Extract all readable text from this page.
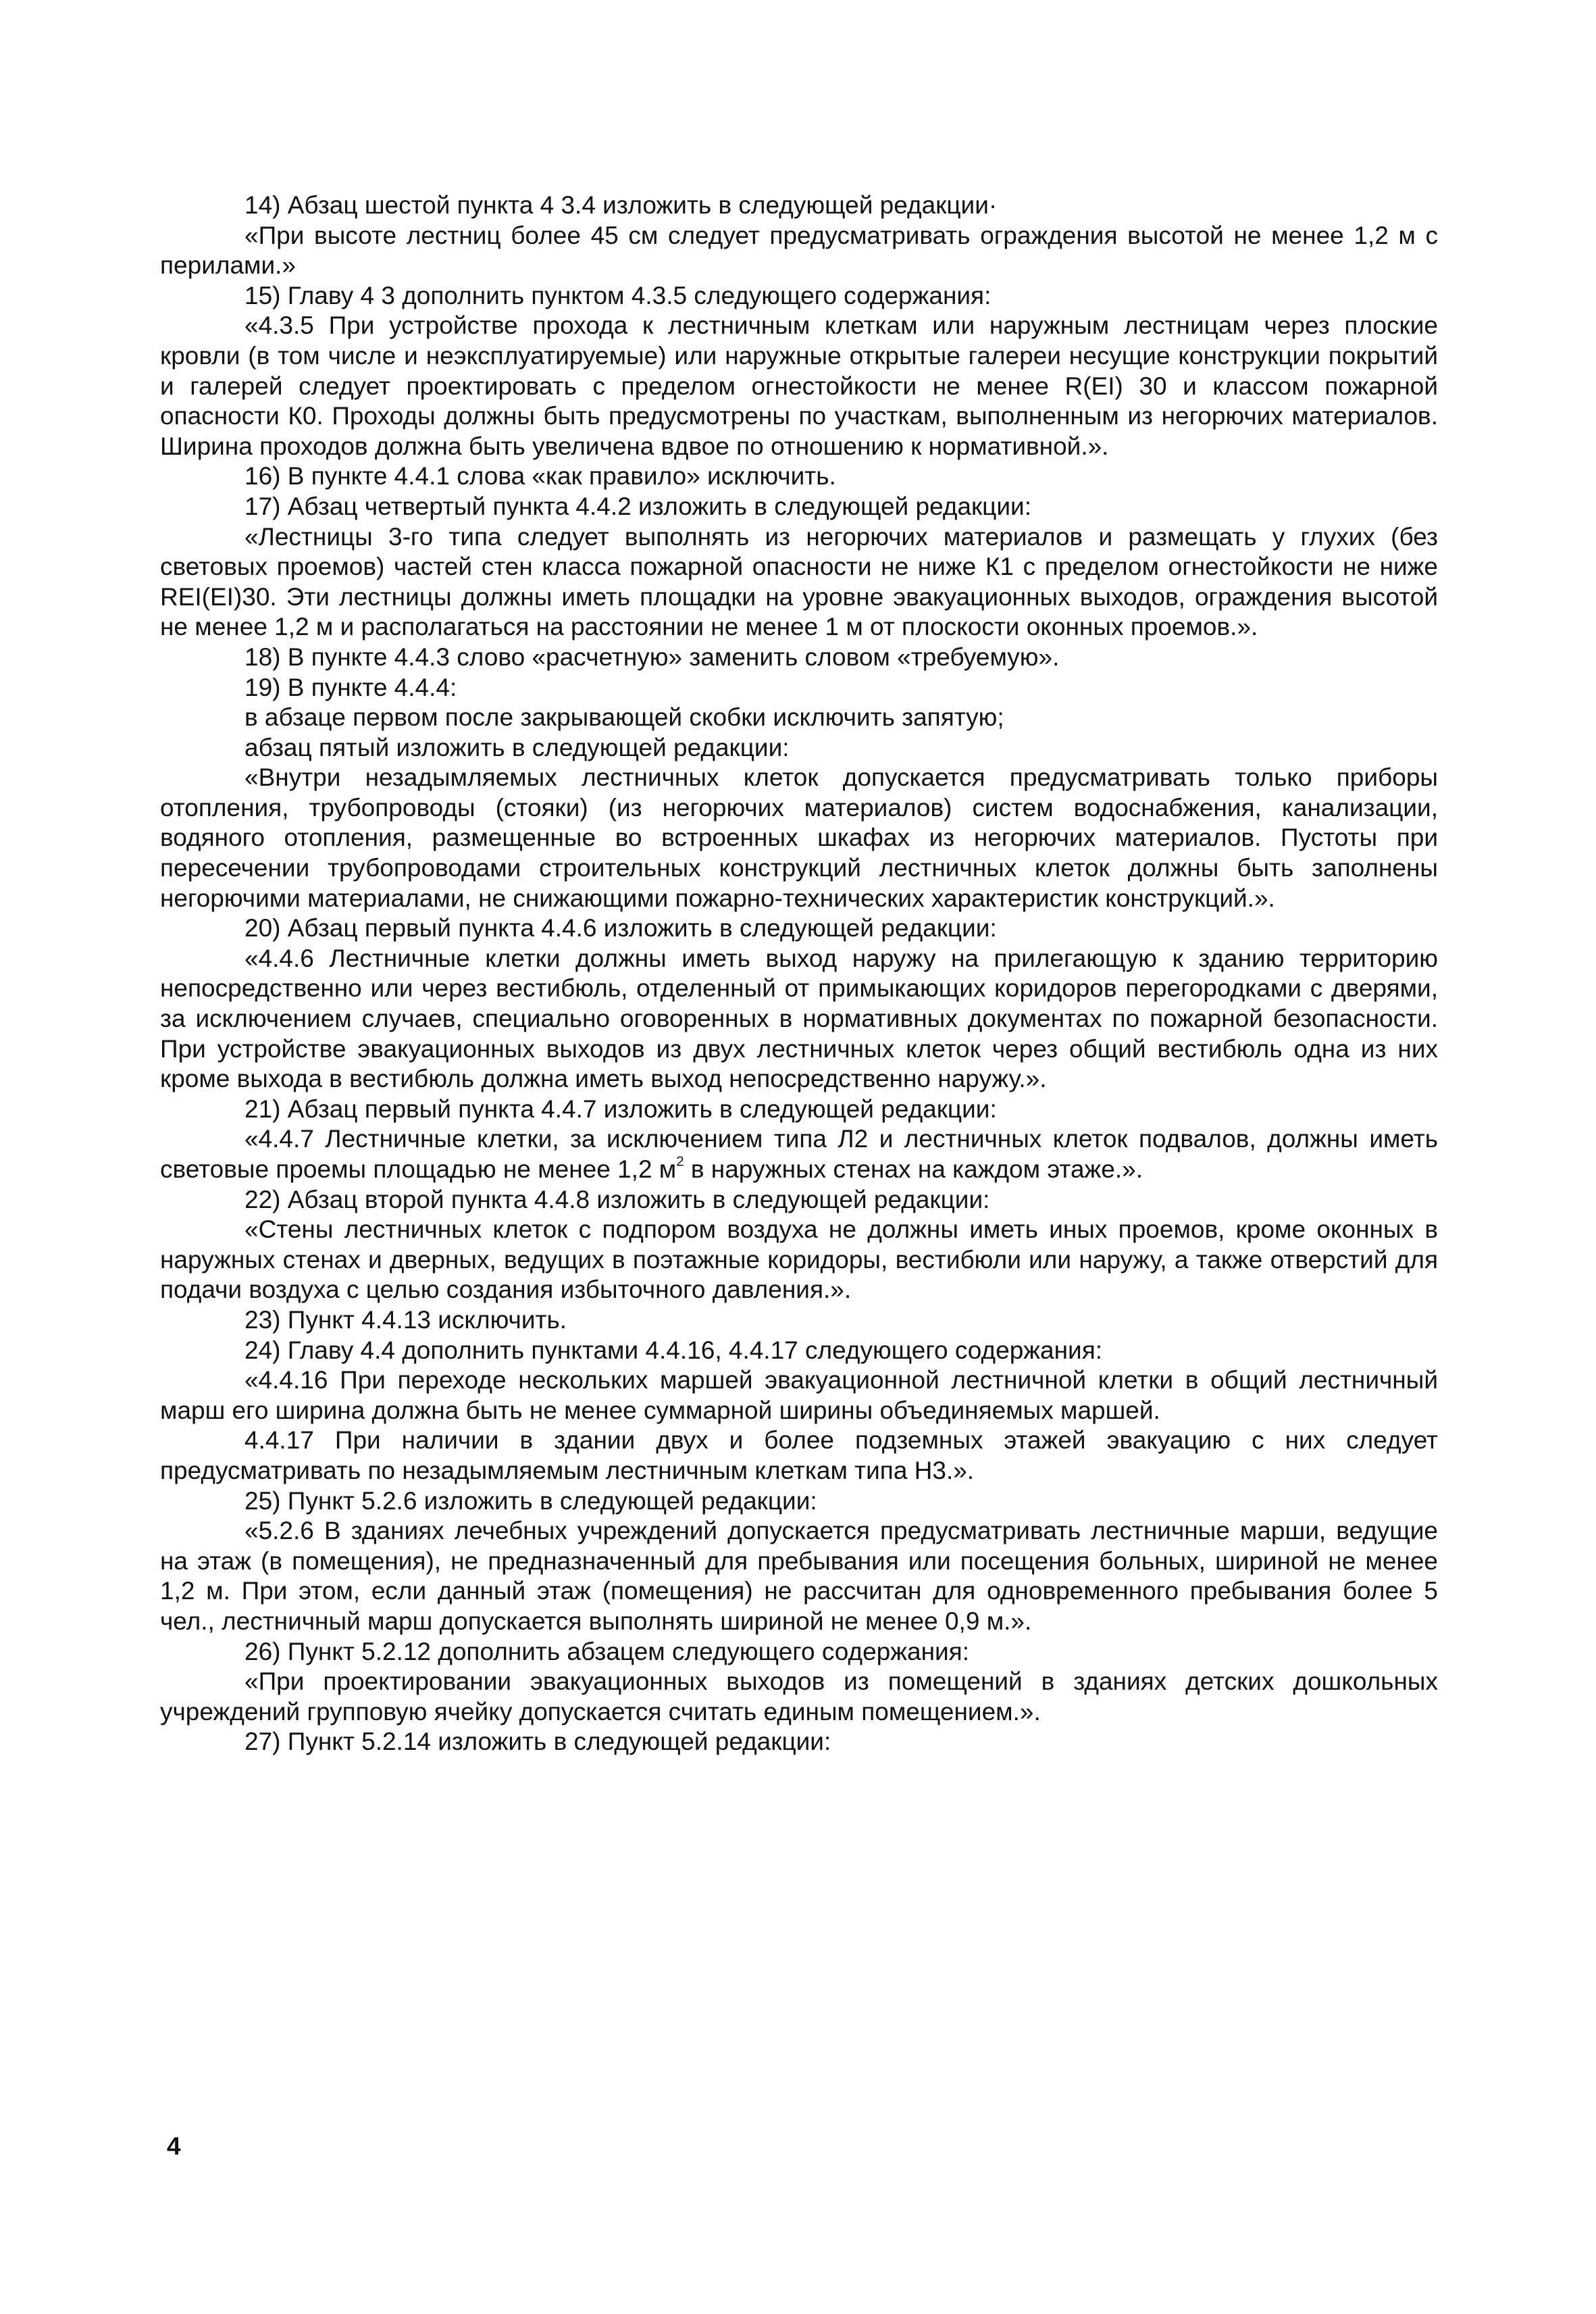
14) Абзац шестой пункта 4 3.4 изложить в следующей редакции·

«При высоте лестниц более 45 см следует предусматривать ограждения высотой не менее 1,2 м с перилами.»

15) Главу 4 3 дополнить пунктом 4.3.5 следующего содержания:

«4.3.5 При устройстве прохода к лестничным клеткам или наружным лестницам через плоские кровли (в том числе и неэксплуатируемые) или наружные открытые галереи несущие конструкции покрытий и галерей следует проектировать с пределом огнестойкости не менее R(EI) 30 и классом пожарной опасности К0. Проходы должны быть предусмотрены по участкам, выполненным из негорючих материалов. Ширина проходов должна быть увеличена вдвое по отношению к нормативной.».

16) В пункте 4.4.1 слова «как правило» исключить.

17) Абзац четвертый пункта 4.4.2 изложить в следующей редакции:

«Лестницы 3-го типа следует выполнять из негорючих материалов и размещать у глухих (без световых проемов) частей стен класса пожарной опасности не ниже К1 с пределом огнестойкости не ниже REI(EI)30. Эти лестницы должны иметь площадки на уровне эвакуационных выходов, ограждения высотой не менее 1,2 м и располагаться на расстоянии не менее 1 м от плоскости оконных проемов.».

18) В пункте 4.4.3 слово «расчетную» заменить словом «требуемую».

19) В пункте 4.4.4:

в абзаце первом после закрывающей скобки исключить запятую;

абзац пятый изложить в следующей редакции:

«Внутри незадымляемых лестничных клеток допускается предусматривать только приборы отопления, трубопроводы (стояки) (из негорючих материалов) систем водоснабжения, канализации, водяного отопления, размещенные во встроенных шкафах из негорючих материалов. Пустоты при пересечении трубопроводами строительных конструкций лестничных клеток должны быть заполнены негорючими материалами, не снижающими пожарно-технических характеристик конструкций.».

20) Абзац первый пункта 4.4.6 изложить в следующей редакции:

«4.4.6 Лестничные клетки должны иметь выход наружу на прилегающую к зданию территорию непосредственно или через вестибюль, отделенный от примыкающих коридоров перегородками с дверями, за исключением случаев, специально оговоренных в нормативных документах по пожарной безопасности. При устройстве эвакуационных выходов из двух лестничных клеток через общий вестибюль одна из них кроме выхода в вестибюль должна иметь выход непосредственно наружу.».

21) Абзац первый пункта 4.4.7 изложить в следующей редакции:

«4.4.7 Лестничные клетки, за исключением типа Л2 и лестничных клеток подвалов, должны иметь световые проемы площадью не менее 1,2 $м^2$ в наружных стенах на каждом этаже.».

22) Абзац второй пункта 4.4.8 изложить в следующей редакции:

«Стены лестничных клеток с подпором воздуха не должны иметь иных проемов, кроме оконных в наружных стенах и дверных, ведущих в поэтажные коридоры, вестибюли или наружу, а также отверстий для подачи воздуха с целью создания избыточного давления.».

23) Пункт 4.4.13 исключить.

24) Главу 4.4 дополнить пунктами 4.4.16, 4.4.17 следующего содержания:

«4.4.16 При переходе нескольких маршей эвакуационной лестничной клетки в общий лестничный марш его ширина должна быть не менее суммарной ширины объединяемых маршей.

4.4.17 При наличии в здании двух и более подземных этажей эвакуацию с них следует предусматривать по незадымляемым лестничным клеткам типа Н3.».

25) Пункт 5.2.6 изложить в следующей редакции:

«5.2.6 В зданиях лечебных учреждений допускается предусматривать лестничные марши, ведущие на этаж (в помещения), не предназначенный для пребывания или посещения больных, шириной не менее 1,2 м. При этом, если данный этаж (помещения) не рассчитан для одновременного пребывания более 5 чел., лестничный марш допускается выполнять шириной не менее 0,9 м.».

26) Пункт 5.2.12 дополнить абзацем следующего содержания:

«При проектировании эвакуационных выходов из помещений в зданиях детских дошкольных учреждений групповую ячейку допускается считать единым помещением.».

27) Пункт 5.2.14 изложить в следующей редакции:

4
